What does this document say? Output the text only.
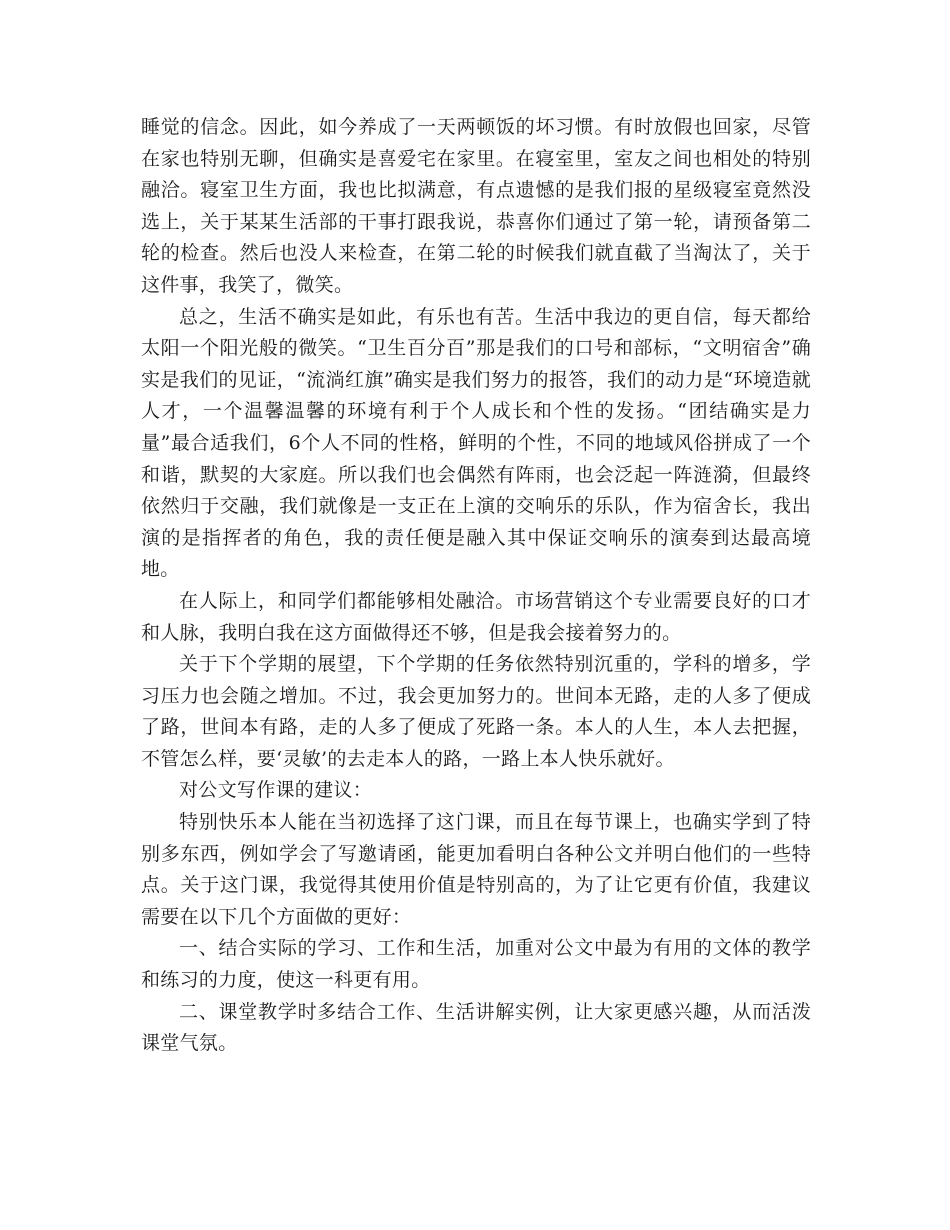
睡觉的信念。因此，如今养成了一天两顿饭的坏习惯。有时放假也回家，尽管在家也特别无聊，但确实是喜爱宅在家里。在寝室里，室友之间也相处的特别融洽。寝室卫生方面，我也比拟满意，有点遗憾的是我们报的星级寝室竟然没选上，关于某某生活部的干事打跟我说，恭喜你们通过了第一轮，请预备第二轮的检查。然后也没人来检查，在第二轮的时候我们就直截了当淘汰了，关于这件事，我笑了，微笑。

总之，生活不确实是如此，有乐也有苦。生活中我边的更自信，每天都给太阳一个阳光般的微笑。“卫生百分百”那是我们的口号和部标，“文明宿舍”确实是我们的见证，“流淌红旗”确实是我们努力的报答，我们的动力是“环境造就人才，一个温馨温馨的环境有利于个人成长和个性的发扬。“团结确实是力量”最合适我们，6个人不同的性格，鲜明的个性，不同的地域风俗拼成了一个和谐，默契的大家庭。所以我们也会偶然有阵雨，也会泛起一阵涟漪，但最终依然归于交融，我们就像是一支正在上演的交响乐的乐队，作为宿舍长，我出演的是指挥者的角色，我的责任便是融入其中保证交响乐的演奏到达最高境地。

在人际上，和同学们都能够相处融洽。市场营销这个专业需要良好的口才和人脉，我明白我在这方面做得还不够，但是我会接着努力的。

关于下个学期的展望，下个学期的任务依然特别沉重的，学科的增多，学习压力也会随之增加。不过，我会更加努力的。世间本无路，走的人多了便成了路，世间本有路，走的人多了便成了死路一条。本人的人生，本人去把握，不管怎么样，要‘灵敏’的去走本人的路，一路上本人快乐就好。

对公文写作课的建议：

特别快乐本人能在当初选择了这门课，而且在每节课上，也确实学到了特别多东西，例如学会了写邀请函，能更加看明白各种公文并明白他们的一些特点。关于这门课，我觉得其使用价值是特别高的，为了让它更有价值，我建议需要在以下几个方面做的更好：

一、结合实际的学习、工作和生活，加重对公文中最为有用的文体的教学和练习的力度，使这一科更有用。

二、课堂教学时多结合工作、生活讲解实例，让大家更感兴趣，从而活泼课堂气氛。
